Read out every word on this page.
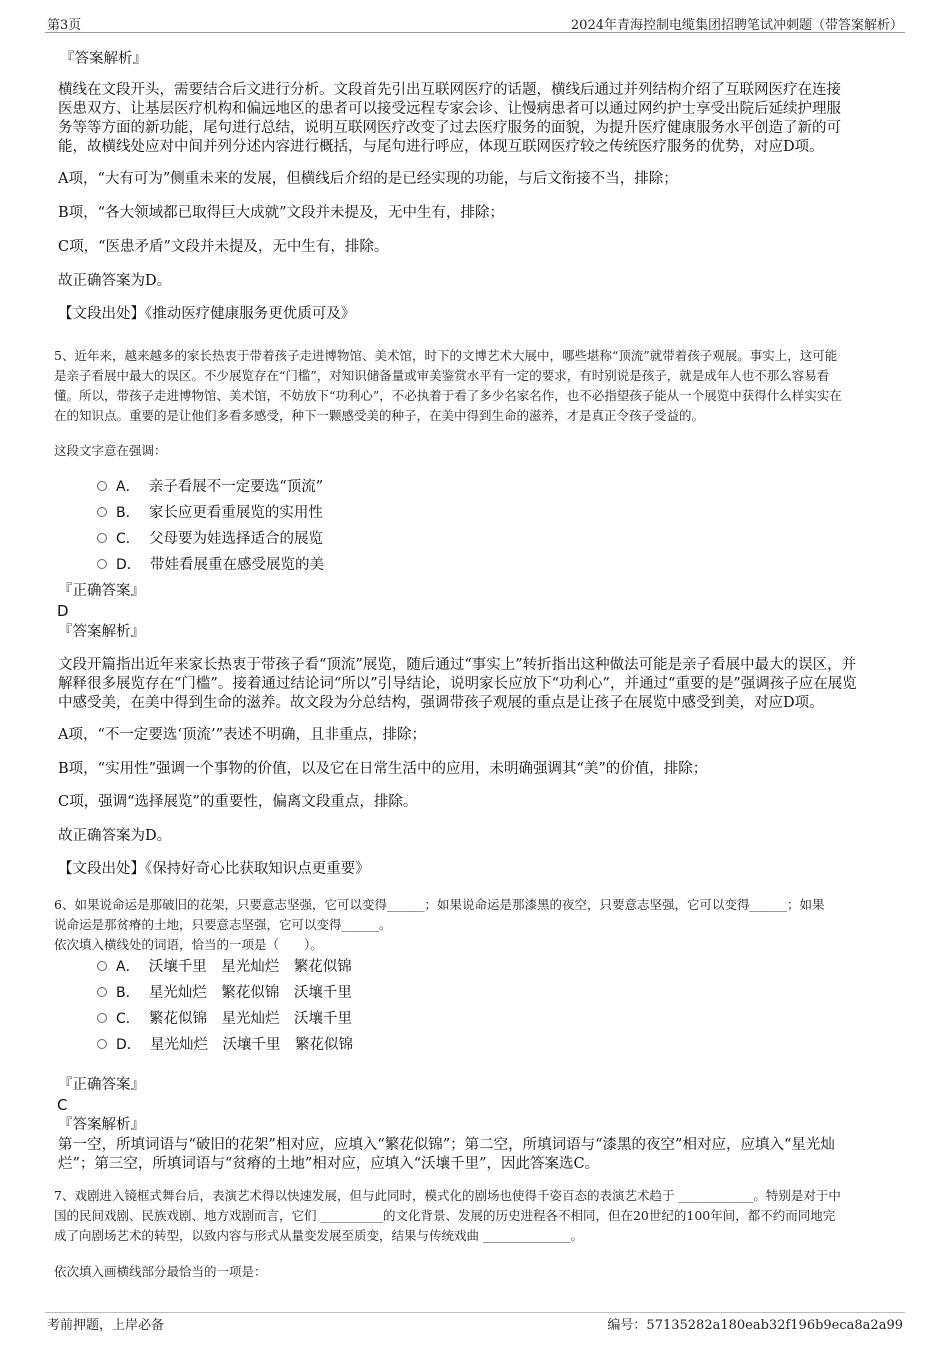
第3页	2024年青海控制电缆集团招聘笔试冲刺题（带答案解析）
『答案解析』
横线在文段开头，需要结合后文进行分析。文段首先引出互联网医疗的话题，横线后通过并列结构介绍了互联网医疗在连接
医患双方、让基层医疗机构和偏远地区的患者可以接受远程专家会诊、让慢病患者可以通过网约护士享受出院后延续护理服
务等等方面的新功能，尾句进行总结，说明互联网医疗改变了过去医疗服务的面貌，为提升医疗健康服务水平创造了新的可
能，故横线处应对中间并列分述内容进行概括，与尾句进行呼应，体现互联网医疗较之传统医疗服务的优势，对应D项。
A项，“大有可为”侧重未来的发展，但横线后介绍的是已经实现的功能，与后文衔接不当，排除；
B项，“各大领域都已取得巨大成就”文段并未提及，无中生有，排除；
C项，“医患矛盾”文段并未提及，无中生有，排除。
故正确答案为D。
【文段出处】《推动医疗健康服务更优质可及》
5、近年来，越来越多的家长热衷于带着孩子走进博物馆、美术馆，时下的文博艺术大展中，哪些堪称“顶流”就带着孩子观展。事实上，这可能
是亲子看展中最大的误区。不少展览存在“门槛”，对知识储备量或审美鉴赏水平有一定的要求，有时别说是孩子，就是成年人也不那么容易看
懂。所以，带孩子走进博物馆、美术馆，不妨放下“功利心”，不必执着于看了多少名家名作，也不必指望孩子能从一个展览中获得什么样实实在
在的知识点。重要的是让他们多看多感受，种下一颗感受美的种子，在美中得到生命的滋养，才是真正令孩子受益的。
这段文字意在强调：
A． 亲子看展不一定要选“顶流”
B． 家长应更看重展览的实用性
C． 父母要为娃选择适合的展览
D． 带娃看展重在感受展览的美
『正确答案』
D
『答案解析』
文段开篇指出近年来家长热衷于带孩子看“顶流”展览，随后通过“事实上”转折指出这种做法可能是亲子看展中最大的误区，并
解释很多展览存在“门槛”。接着通过结论词“所以”引导结论，说明家长应放下“功利心”，并通过“重要的是”强调孩子应在展览
中感受美，在美中得到生命的滋养。故文段为分总结构，强调带孩子观展的重点是让孩子在展览中感受到美，对应D项。
A项，“不一定要选‘顶流’”表述不明确，且非重点，排除；
B项，“实用性”强调一个事物的价值，以及它在日常生活中的应用，未明确强调其“美”的价值，排除；
C项，强调“选择展览”的重要性，偏离文段重点，排除。
故正确答案为D。
【文段出处】《保持好奇心比获取知识点更重要》
6、如果说命运是那破旧的花架，只要意志坚强，它可以变得______；如果说命运是那漆黑的夜空，只要意志坚强，它可以变得______；如果
说命运是那贫瘠的土地，只要意志坚强，它可以变得______。
依次填入横线处的词语，恰当的一项是（　　）。
A． 沃壤千里　星光灿烂　繁花似锦
B． 星光灿烂　繁花似锦　沃壤千里
C． 繁花似锦　星光灿烂　沃壤千里
D． 星光灿烂　沃壤千里　繁花似锦
『正确答案』
C
『答案解析』
第一空，所填词语与“破旧的花架”相对应，应填入“繁花似锦”；第二空，所填词语与“漆黑的夜空”相对应，应填入“星光灿
烂”；第三空，所填词语与“贫瘠的土地”相对应，应填入“沃壤千里”，因此答案选C。
7、戏剧进入镜框式舞台后，表演艺术得以快速发展，但与此同时，模式化的剧场也使得千姿百态的表演艺术趋于 ____________。特别是对于中
国的民间戏剧、民族戏剧、地方戏剧而言，它们 __________的文化背景、发展的历史进程各不相同，但在20世纪的100年间，都不约而同地完
成了向剧场艺术的转型，以致内容与形式从量变发展至质变，结果与传统戏曲 ______________。
依次填入画横线部分最恰当的一项是：
考前押题，上岸必备	编号：57135282a180eab32f196b9eca8a2a99
